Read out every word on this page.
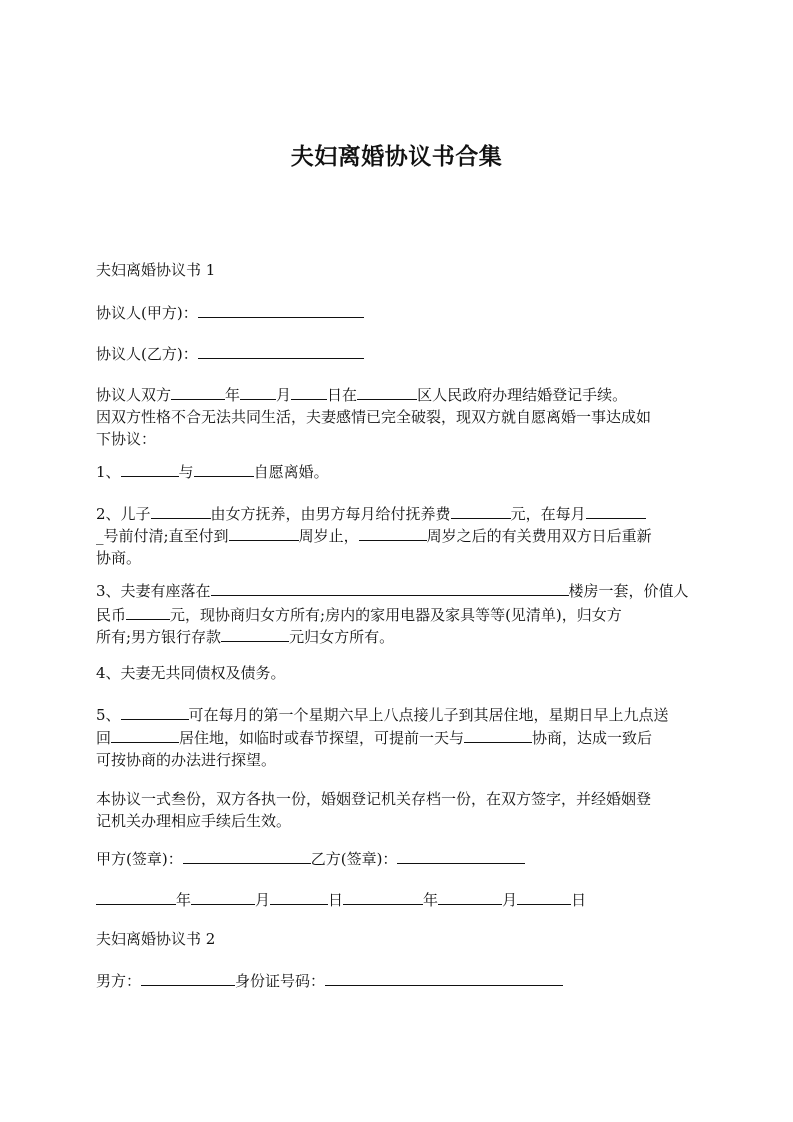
夫妇离婚协议书合集
夫妇离婚协议书 1
协议人(甲方)：
协议人(乙方)：
协议人双方	年 月 日在	区人民政府办理结婚登记手续。
因双方性格不合无法共同生活，夫妻感情已完全破裂，现双方就自愿离婚一事达成如
下协议：
1、	与	自愿离婚。
2、儿子	由女方抚养，由男方每月给付抚养费	元，在每月
_号前付清;直至付到	周岁止，	周岁之后的有关费用双方日后重新
协商。
3、夫妻有座落在	楼房一套，价值人
民币	元，现协商归女方所有;房内的家用电器及家具等等(见清单)，归女方
所有;男方银行存款	元归女方所有。
4、夫妻无共同债权及债务。
5、	可在每月的第一个星期六早上八点接儿子到其居住地，星期日早上九点送
回	居住地，如临时或春节探望，可提前一天与	协商，达成一致后
可按协商的办法进行探望。
本协议一式叁份，双方各执一份，婚姻登记机关存档一份，在双方签字，并经婚姻登
记机关办理相应手续后生效。
甲方(签章)：	乙方(签章)：
年	月	日	年	月	日
夫妇离婚协议书 2
男方：	身份证号码：
